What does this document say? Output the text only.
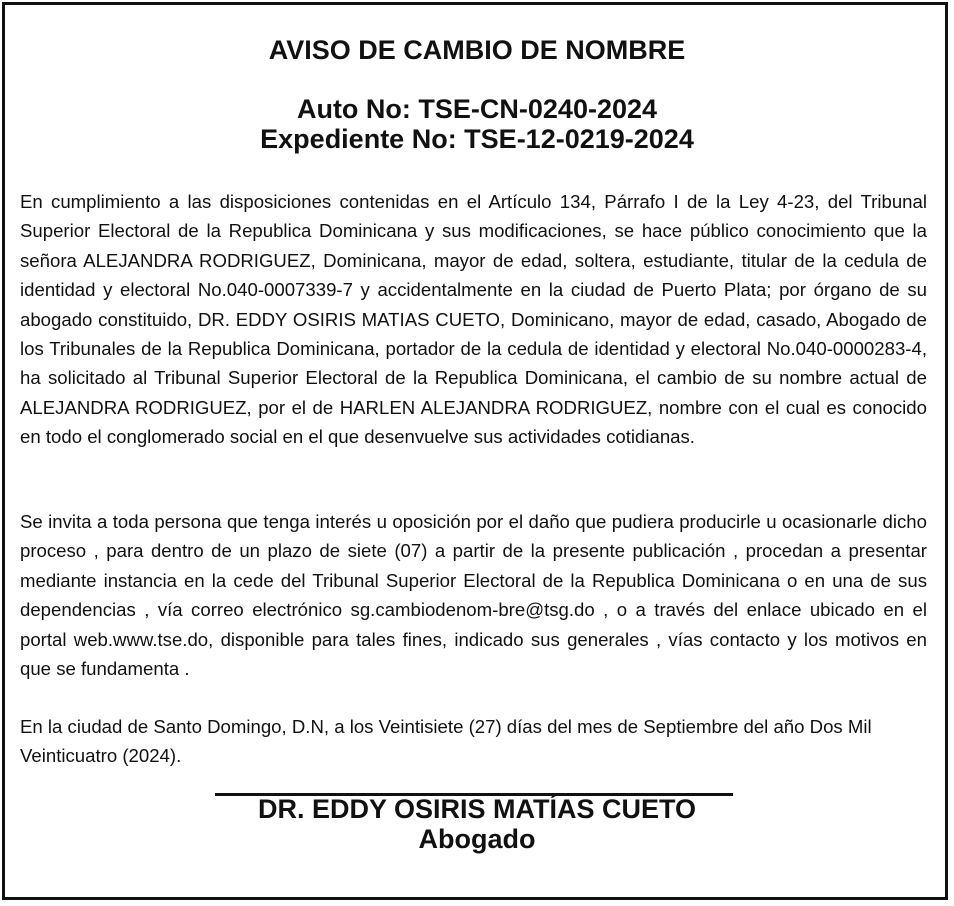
AVISO DE CAMBIO DE NOMBRE
Auto No: TSE-CN-0240-2024
Expediente No: TSE-12-0219-2024

En cumplimiento a las disposiciones contenidas en el Artículo 134, Párrafo I de la Ley 4-23, del Tribunal Superior Electoral de la Republica Dominicana y sus modificaciones, se hace público conocimiento que la señora ALEJANDRA RODRIGUEZ, Dominicana, mayor de edad, soltera, estudiante, titular de la cedula de identidad y electoral No.040-0007339-7 y accidentalmente en la ciudad de Puerto Plata; por órgano de su abogado constituido, DR. EDDY OSIRIS MATIAS CUETO, Dominicano, mayor de edad, casado, Abogado de los Tribunales de la Republica Dominicana, portador de la cedula de identidad y electoral No.040-0000283-4, ha solicitado al Tribunal Superior Electoral de la Republica Dominicana, el cambio de su nombre actual de ALEJANDRA RODRIGUEZ, por el de HARLEN ALEJANDRA RODRIGUEZ, nombre con el cual es conocido en todo el conglomerado social en el que desenvuelve sus actividades cotidianas.

Se invita a toda persona que tenga interés u oposición por el daño que pudiera producirle u ocasionarle dicho proceso , para dentro de un plazo de siete (07) a partir de la presente publicación , procedan a presentar mediante instancia en la cede del Tribunal Superior Electoral de la Republica Dominicana o en una de sus dependencias , vía correo electrónico sg.cambiodenom-bre@tsg.do , o a través del enlace ubicado en el portal web.www.tse.do, disponible para tales fines, indicado sus generales , vías contacto y los motivos en que se fundamenta .

En la ciudad de Santo Domingo, D.N, a los Veintisiete (27) días del mes de Septiembre del año Dos Mil Veinticuatro (2024).

DR. EDDY OSIRIS MATÍAS CUETO
Abogado
